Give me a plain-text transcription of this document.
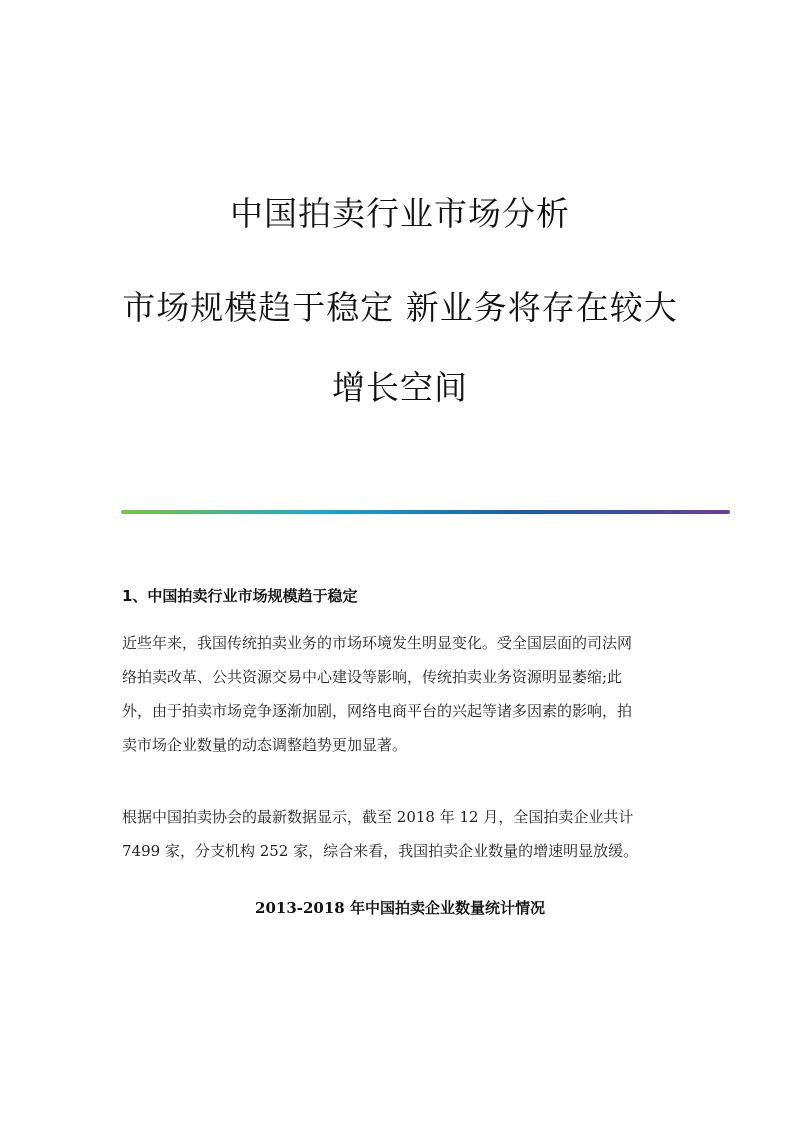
中国拍卖行业市场分析
市场规模趋于稳定 新业务将存在较大
增长空间
1、中国拍卖行业市场规模趋于稳定
近些年来，我国传统拍卖业务的市场环境发生明显变化。受全国层面的司法网
络拍卖改革、公共资源交易中心建设等影响，传统拍卖业务资源明显萎缩;此
外，由于拍卖市场竞争逐渐加剧，网络电商平台的兴起等诸多因素的影响，拍
卖市场企业数量的动态调整趋势更加显著。
根据中国拍卖协会的最新数据显示，截至 2018 年 12 月，全国拍卖企业共计
7499 家，分支机构 252 家，综合来看，我国拍卖企业数量的增速明显放缓。
2013-2018 年中国拍卖企业数量统计情况
